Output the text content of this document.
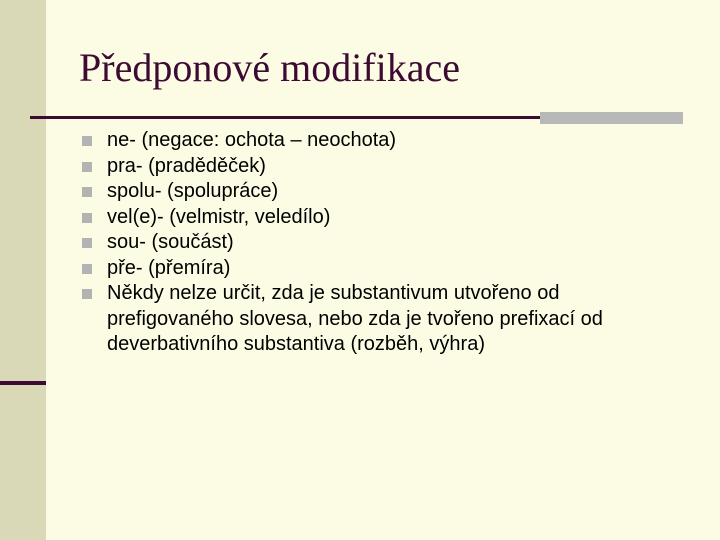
Předponové modifikace
ne- (negace: ochota – neochota)
pra- (praděděček)
spolu- (spolupráce)
vel(e)- (velmistr, veledílo)
sou- (součást)
pře- (přemíra)
Někdy nelze určit, zda je substantivum utvořeno od prefigovaného slovesa, nebo zda je tvořeno prefixací od deverbativního substantiva (rozběh, výhra)
